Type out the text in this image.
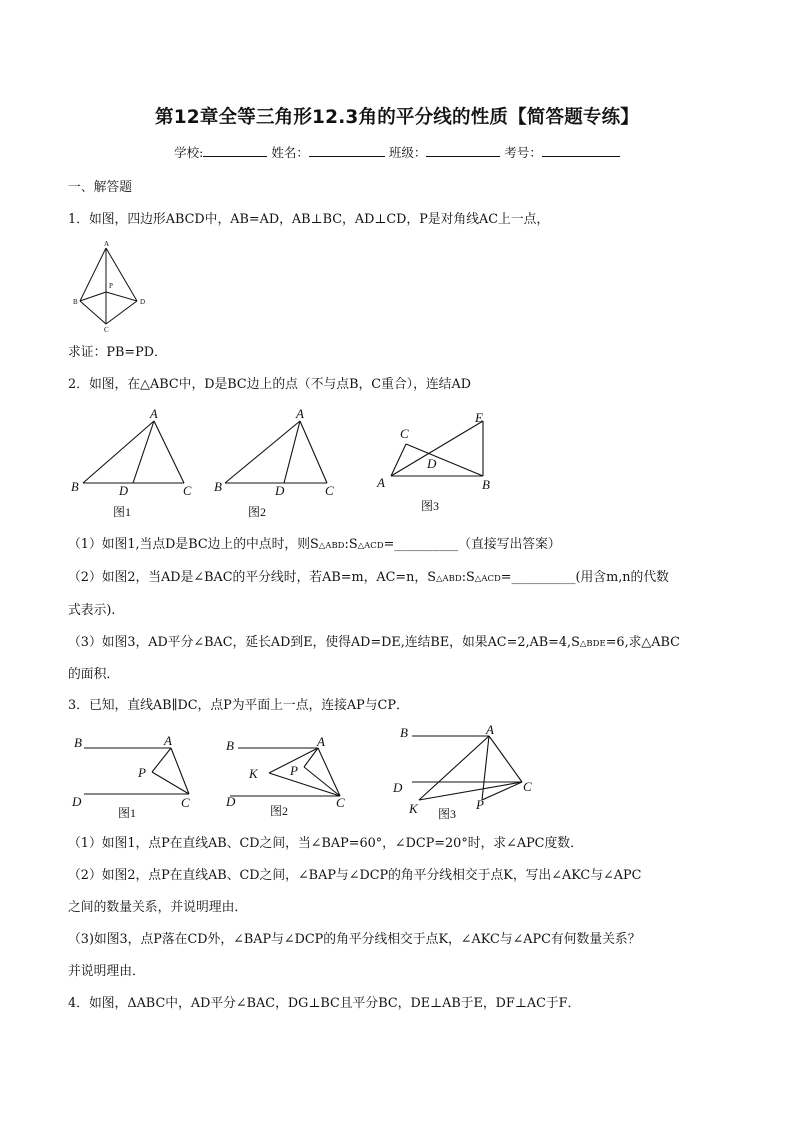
第12章全等三角形12.3角的平分线的性质【简答题专练】
学校:	姓名：	班级：	考号：
一、解答题
1．如图，四边形ABCD中，AB=AD，AB⊥BC，AD⊥CD，P是对角线AC上一点，
A
B
C
D
P
求证：PB=PD．
2．如图，在△ABC中，D是BC边上的点（不与点B，C重合），连结AD
A
B	C
D
图1
A
B	C
D
图2
E
C
D
A	B
图3
（1）如图1,当点D是BC边上的中点时，则S△ABD:S△ACD=__________（直接写出答案）
（2）如图2，当AD是∠BAC的平分线时，若AB=m，AC=n，S△ABD:S△ACD=__________(用含m,n的代数
式表示).
（3）如图3，AD平分∠BAC，延长AD到E，使得AD=DE,连结BE，如果AC=2,AB=4,S△BDE=6,求△ABC
的面积．
3．已知，直线AB∥DC，点P为平面上一点，连接AP与CP．
B	A
P
D	C
图1
B	A
P
K
D	C
图2
B	A
D	C
K	P
图3
（1）如图1，点P在直线AB、CD之间，当∠BAP=60°，∠DCP=20°时，求∠APC度数．
（2）如图2，点P在直线AB、CD之间，∠BAP与∠DCP的角平分线相交于点K，写出∠AKC与∠APC
之间的数量关系，并说明理由．
（3)如图3，点P落在CD外，∠BAP与∠DCP的角平分线相交于点K，∠AKC与∠APC有何数量关系？
并说明理由．
4．如图，ΔABC中，AD平分∠BAC，DG⊥BC且平分BC，DE⊥AB于E，DF⊥AC于F．
